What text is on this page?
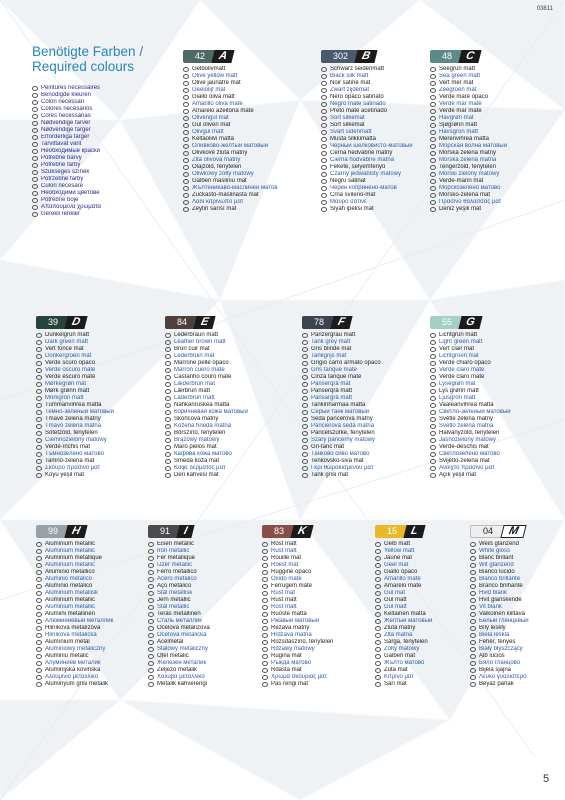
03811
Benötigte Farben /
Required colours
Peintures nécessaires
Benodigde kleuren
Colori necessari
Colores necesarios
Cores necessárias
Nødvendige farver
Nødvendige farger
Erforderliga färger
Tarvittavat värit
Необходимые краски
Potřebné barvy
Potřebné farby
Szükséges színek
Potrzebne farby
Culori necesare
Необходими цветове
Potrebne boje
Απαιτούμενα χρώματα
Gerekli renkler
42	A
Gelbolivmatt
Olive yellow matt
Olive jaunâtre mat
Geelolijf mat
Giallo oliva matt
Amarillo oliva mate
Amarelo azeitona mate
Olivengul mat
Gul oliven mat
Olivgul matt
Keltaoliivi matta
Оливково-желтый матовый
Olivkově žlutá matný
Žltá olivová matný
Olajzöld, fénytelen
Oliwkowy żółty matowy
Galben măsliniu mat
Жълтеникаво-маслинен матов
Žućkasto-maslinasta mat
Λαδί κιτρινωπό ματ
Zeytin sarısı mat
302	B
Schwarz seidenmatt
Black silk matt
Noir satiné mat
Zwart zijdemat
Nero opaco satinato
Negro mate satinado
Preto mate acetinado
Sort silkemat
Sort silkemat
Svart sidenmatt
Musta silkkimatta
Черный шелковисто-матовый
Černá hedvábně matný
Čierna hodvábne matná
Fekete, selyemfényű
Czarny jedwabisty matowy
Negru satinat
Черен копринено-матов
Crna svileno-mat
Μαύρο σατινέ
Siyah ipeksi mat
48	C
Seegrün matt
Sea green matt
Vert mer mat
Zeegroen mat
Verde mare opaco
Verde mar mate
Verde mar mate
Havgrøn mat
Sjøgrønn matt
Havsgrön matt
Merenvihreä matta
Морская волна матовый
Mořská zelená matný
Morská zelená matná
Tengerzöld, fénytelen
Morski zielony matowy
Verde-marin mat
Морскозелено матово
Morsko-zelena mat
Πράσινο θάλασσας ματ
Deniz yeşili mat
39	D
Dunkelgrün matt
Dark green matt
Vert foncé mat
Donkergroen mat
Verde scuro opaco
Verde oscuro mate
Verde escuro mate
Mørkegrøn mat
Mørk grønn matt
Mörkgrön matt
Tummanvihreä matta
Темно-зеленый матовый
Tmavě zelená matný
Tmavo zelená matná
Sötétzöld, fénytelen
Ciemnozielony matowy
Verde-închis mat
Тъмнозелено матово
Tamno-zelena mat
Σκούρο πράσινο ματ
Koyu yeşil mat
84	E
Lederbraun matt
Leather brown matt
Brun cuir mat
Lederbruin mat
Marrone pelle opaco
Marrón cuero mate
Castanho couro mate
Læderbrun mat
Lærbrun matt
Läderbrun matt
Nahkanruskea matta
Коричневая кожа матовый
Skořicová matný
Kožená hnedá matná
Bőrszínű, fénytelen
Brązowy matowy
Maro pielos mat
Кафява кожа матово
Smeđa koža mat
Καφέ δέρματος ματ
Deri kahvesi mat
78	F
Panzergrau matt
Tank grey matt
Gris blindé mat
Tankgrijs mat
Grigio carro armato opaco
Gris tanque mate
Cinza tanque mate
Panserqrå mat
Panserqrå matt
Pansargrå matt
Tankinharmaa matta
Серый танк матовый
Šedá pancéřová matný
Pancierová šedá matná
Páncélszürke, fénytelen
Szary pancerny matowy
Gri-tanc mat
Танково сиво матово
Tenkovsko-siva mat
Γκρι θωρακισμένου ματ
Tank grisi mat
55	G
Lichtgrün matt
Light green matt
Vert clair mat
Lichtgroen mat
Verde chiaro opaco
Verde claro mate
Verde claro mate
Lysegrøn mat
Lys grønn matt
Ljusgrön matt
Vaaleanvihreä matta
Светло-зеленый матовый
Světle zelená matný
Svetlo zelená matná
Halványzöld, fénytelen
Jasnozielony matowy
Verde-deschis mat
Светлозелено матово
Svijetlo-zelena mat
Ανοιχτό πράσινο ματ
Açık yeşil mat
99	H
Aluminium metallic
Aluminium metallic
Aluminium métallique
Aluminium metallic
Alluminio metallico
Aluminio metálico
Alumínio metálico
Aluminium metallisk
Aluminium metallic
Aluminium metallic
Alumiini metallinen
Алюминиевый металлик
Hliníková metalízová
Hliníková metalická
Alumínium metál
Aluminiowy metaliczny
Aluminiu metalic
Алуминиев металик
Aluminijska kovinska
Αλουμίνιο μεταλλικό
Alüminyum grisi metalik
91	I
Eisen metallic
Iron metallic
Fer métallique
IJzer metallic
Ferro metallico
Acero metálico
Aço metálico
Stål metallisk
Jern metallic
Stål metallic
Teräs metallinen
Сталь металлик
Ocelová metalízová
Oceľová metalická
Acélmetál
Stalowy metaliczny
Oțel metalic
Железен металик
Željezo metalik
Χάλυβα μεταλλικό
Metalik kahverengi
83	K
Rost matt
Rust matt
Rouille mat
Roest mat
Ruggine opaco
Óxido mate
Ferrugem mate
Rust mat
Rust matt
Rost matt
Ruoste matta
Ржавый матовый
Rezavá matný
Hrdzavá matná
Rozsdaszínű, fénytelen
Rdzawy matowy
Rugină mat
Ръжда матово
Rđasta mat
Χρώμα σκουριάς ματ
Pas rengi mat
15	L
Gelb matt
Yellow matt
Jaune mat
Geel mat
Giallo opaco
Amarillo mate
Amarelo mate
Gul mat
Gul matt
Gul matt
Keltainen matta
Желтый матовый
Žlutá matný
Žltá matná
Sárga, fénytelen
Żółty matowy
Galben mat
Жълто матово
Žuta mat
Κίτρινο ματ
Sarı mat
04	M
Weiß glänzend
White gloss
Blanc brillant
Wit glanzend
Bianco lucido
Blanco brillante
Branco brilhante
Hvid blank
Hvit glanskende
Vit blank
Valkoinen kiiltävä
Белый глянцевый
Bílý lesklý
Biela lesklá
Fehér, fényes
Biały błyszczący
Alb lucios
Бяло гланцово
Bijela sjajna
Λευκό γυαλιστερό
Beyaz parlak
5
